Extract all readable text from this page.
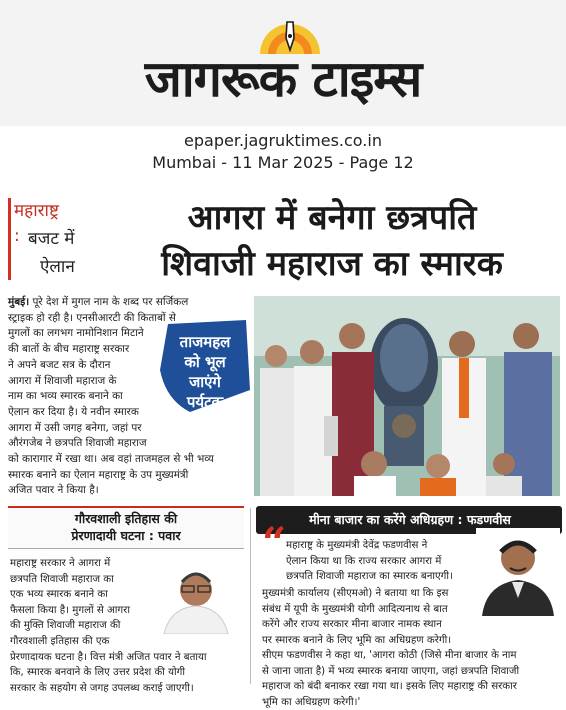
जागरूक टाइम्स
epaper.jagruktimes.co.in
Mumbai - 11 Mar 2025 - Page 12
महाराष्ट्र
: बजट में
ऐलान
आगरा में बनेगा छत्रपति
शिवाजी महाराज का स्मारक
मुंबई। पूरे देश में मुगल नाम के शब्द पर सर्जिकल
स्ट्राइक हो रही है। एनसीआरटी की किताबों से
मुगलों का लगभग नामोनिशान मिटाने
की बातों के बीच महाराष्ट्र सरकार
ने अपने बजट सत्र के दौरान
आगरा में शिवाजी महाराज के
नाम का भव्य स्मारक बनाने का
ऐलान कर दिया है। ये नवीन स्मारक
आगरा में उसी जगह बनेगा, जहां पर
औरंगजेब ने छत्रपति शिवाजी महाराज
को कारागार में रखा था। अब वहां ताजमहल से भी भव्य
स्मारक बनाने का ऐलान महाराष्ट्र के उप मुख्यमंत्री
अजित पवार ने किया है।
ताजमहल
को भूल
जाएंगे
पर्यटक
गौरवशाली इतिहास की
प्रेरणादायी घटना : पवार
महाराष्ट्र सरकार ने आगरा में
छत्रपति शिवाजी महाराज का
एक भव्य स्मारक बनाने का
फैसला किया है। मुगलों से आगरा
की मुक्ति शिवाजी महाराज की
गौरवशाली इतिहास की एक
प्रेरणादायक घटना है। वित्त मंत्री अजित पवार ने बताया
कि, स्मारक बनवाने के लिए उत्तर प्रदेश की योगी
सरकार के सहयोग से जगह उपलब्ध कराई जाएगी।
मीना बाजार का करेंगे अधिग्रहण : फडणवीस
“ महाराष्ट्र के मुख्यमंत्री देवेंद्र फडणवीस ने
ऐलान किया था कि राज्य सरकार आगरा में
छत्रपति शिवाजी महाराज का स्मारक बनाएगी।
मुख्यमंत्री कार्यालय (सीएमओ) ने बताया था कि इस
संबंध में यूपी के मुख्यमंत्री योगी आदित्यनाथ से बात
करेंगे और राज्य सरकार मीना बाजार नामक स्थान
पर स्मारक बनाने के लिए भूमि का अधिग्रहण करेगी।
सीएम फडणवीस ने कहा था, 'आगरा कोठी (जिसे मीना बाजार के नाम
से जाना जाता है) में भव्य स्मारक बनाया जाएगा, जहां छत्रपति शिवाजी
महाराज को बंदी बनाकर रखा गया था। इसके लिए महाराष्ट्र की सरकार
भूमि का अधिग्रहण करेगी।'
